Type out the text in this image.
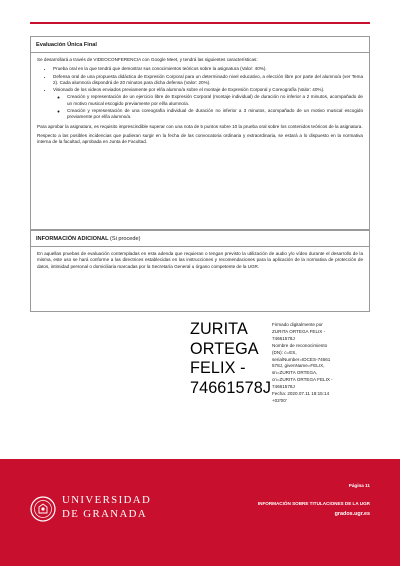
Evaluación Única Final

Se desarrollará a través de VIDEOCONFERENCIA con Google Meet, y tendrá las siguientes características:

• Prueba oral en la que tendrá que demostrar sus conocimientos teóricos sobre la asignatura (Valor: 40%).
• Defensa oral de una propuesta didáctica de Expresión Corporal para un determinado nivel educativo, a elección libre por parte del alumno/a (ver Tema 2). Cada alumno/a dispondrá de 20 minutos para dicha defensa (Valor: 20%).
• Visionado de los videos enviados previamente por el/la alumno/a sobre el montaje de Expresión Corporal y Coreografía (Valor: 40%).
◦ Creación y representación de un ejercicio libre de Expresión Corporal (montaje individual) de duración no inferior a 2 minutos, acompañado de un motivo musical escogido previamente por el/la alumno/a.
◦ Creación y representación de una coreografía individual de duración no inferior a 3 minutos, acompañado de un motivo musical escogido previamente por el/la alumno/a.

Para aprobar la asignatura, es requisito imprescindible superar con una nota de 5 puntos sobre 10 la prueba oral sobre los contenidos teóricos de la asignatura.

Respecto a las posibles incidencias que pudieran surgir en la fecha de las convocatoria ordinaria y extraordinaria, se estará a lo dispuesto en la normativa interna de la facultad, aprobada en Junta de Facultad.

INFORMACIÓN ADICIONAL (Si procede)

En aquellas pruebas de evaluación contempladas en esta adenda que requieran o tengan previsto la utilización de audio y/o vídeo durante el desarrollo de la misma, este uso se hará conforme a las directrices establecidas en las instrucciones y recomendaciones para la aplicación de la normativa de protección de datos, intimidad personal o domiciliaria marcadas por la Secretaría General u órgano competente de la UGR.

ZURITA
ORTEGA
FELIX -
74661578J
Firmado digitalmente por
ZURITA ORTEGA FELIX -
74661578J
Nombre de reconocimiento
(DN): c=ES,
serialNumber=IDCES-74661
578J, givenName=FELIX,
sn=ZURITA ORTEGA,
cn=ZURITA ORTEGA FELIX -
74661578J
Fecha: 2020.07.11 18:15:14
+02'00'
UNIVERSIDAD
DE GRANADA
Página 11
INFORMACIÓN SOBRE TITULACIONES DE LA UGR
grados.ugr.es
